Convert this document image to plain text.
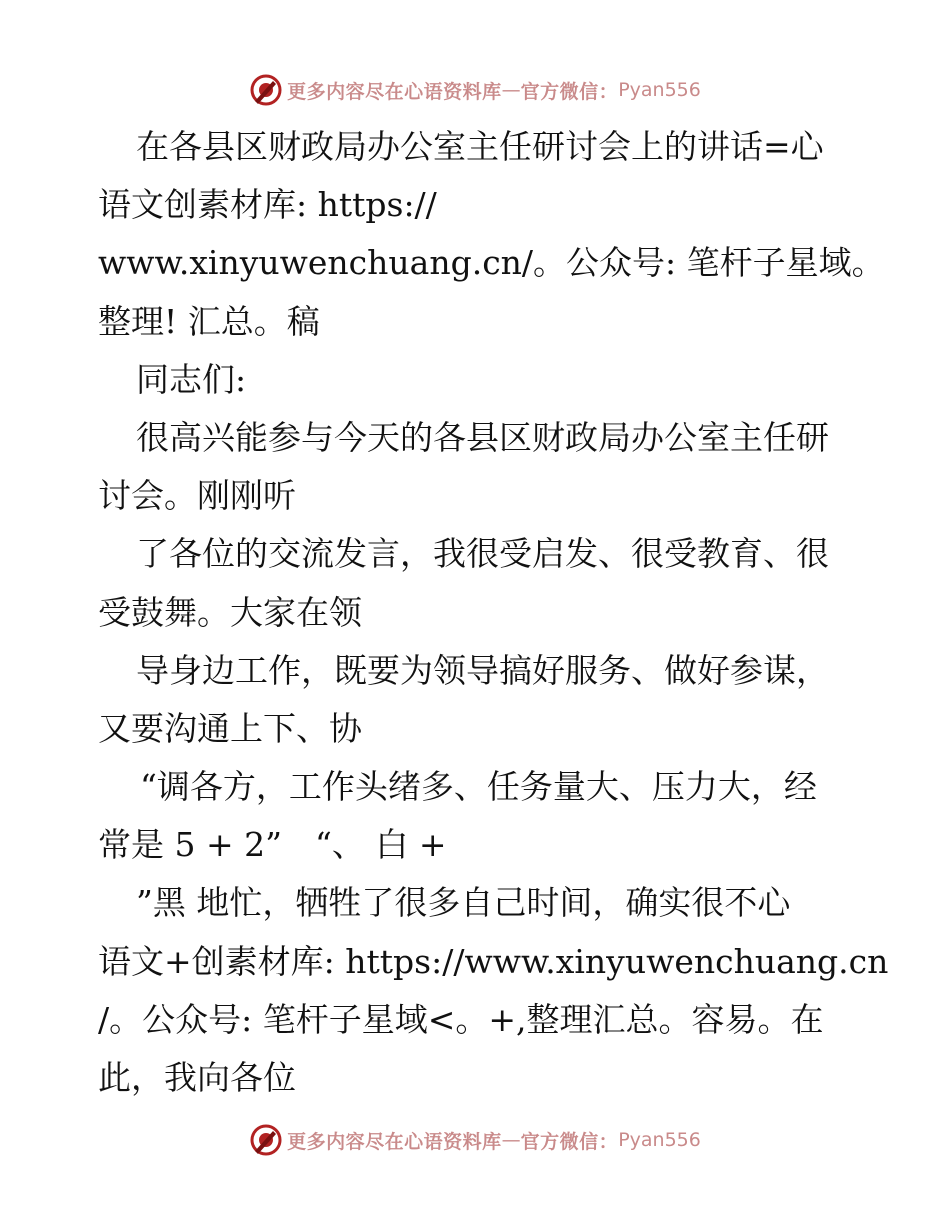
更多内容尽在心语资料库 — 官方微信： Pyan556
在各县区财政局办公室主任研讨会上的讲话=心
语文创素材库: https://
www.xinyuwenchuang.cn/。公众号: 笔杆子星域。
整理! 汇总。稿
同志们:
很高兴能参与今天的各县区财政局办公室主任研
讨会。刚刚听
了各位的交流发言，我很受启发、很受教育、很
受鼓舞。大家在领
导身边工作，既要为领导搞好服务、做好参谋，
又要沟通上下、协
“调各方，工作头绪多、任务量大、压力大，经
常是 5 + 2”　“、 白 +
”黑 地忙，牺牲了很多自己时间，确实很不心
语文+创素材库: https://www.xinyuwenchuang.cn
/。公众号: 笔杆子星域<。+,整理汇总。容易。在
此，我向各位
更多内容尽在心语资料库 — 官方微信： Pyan556
